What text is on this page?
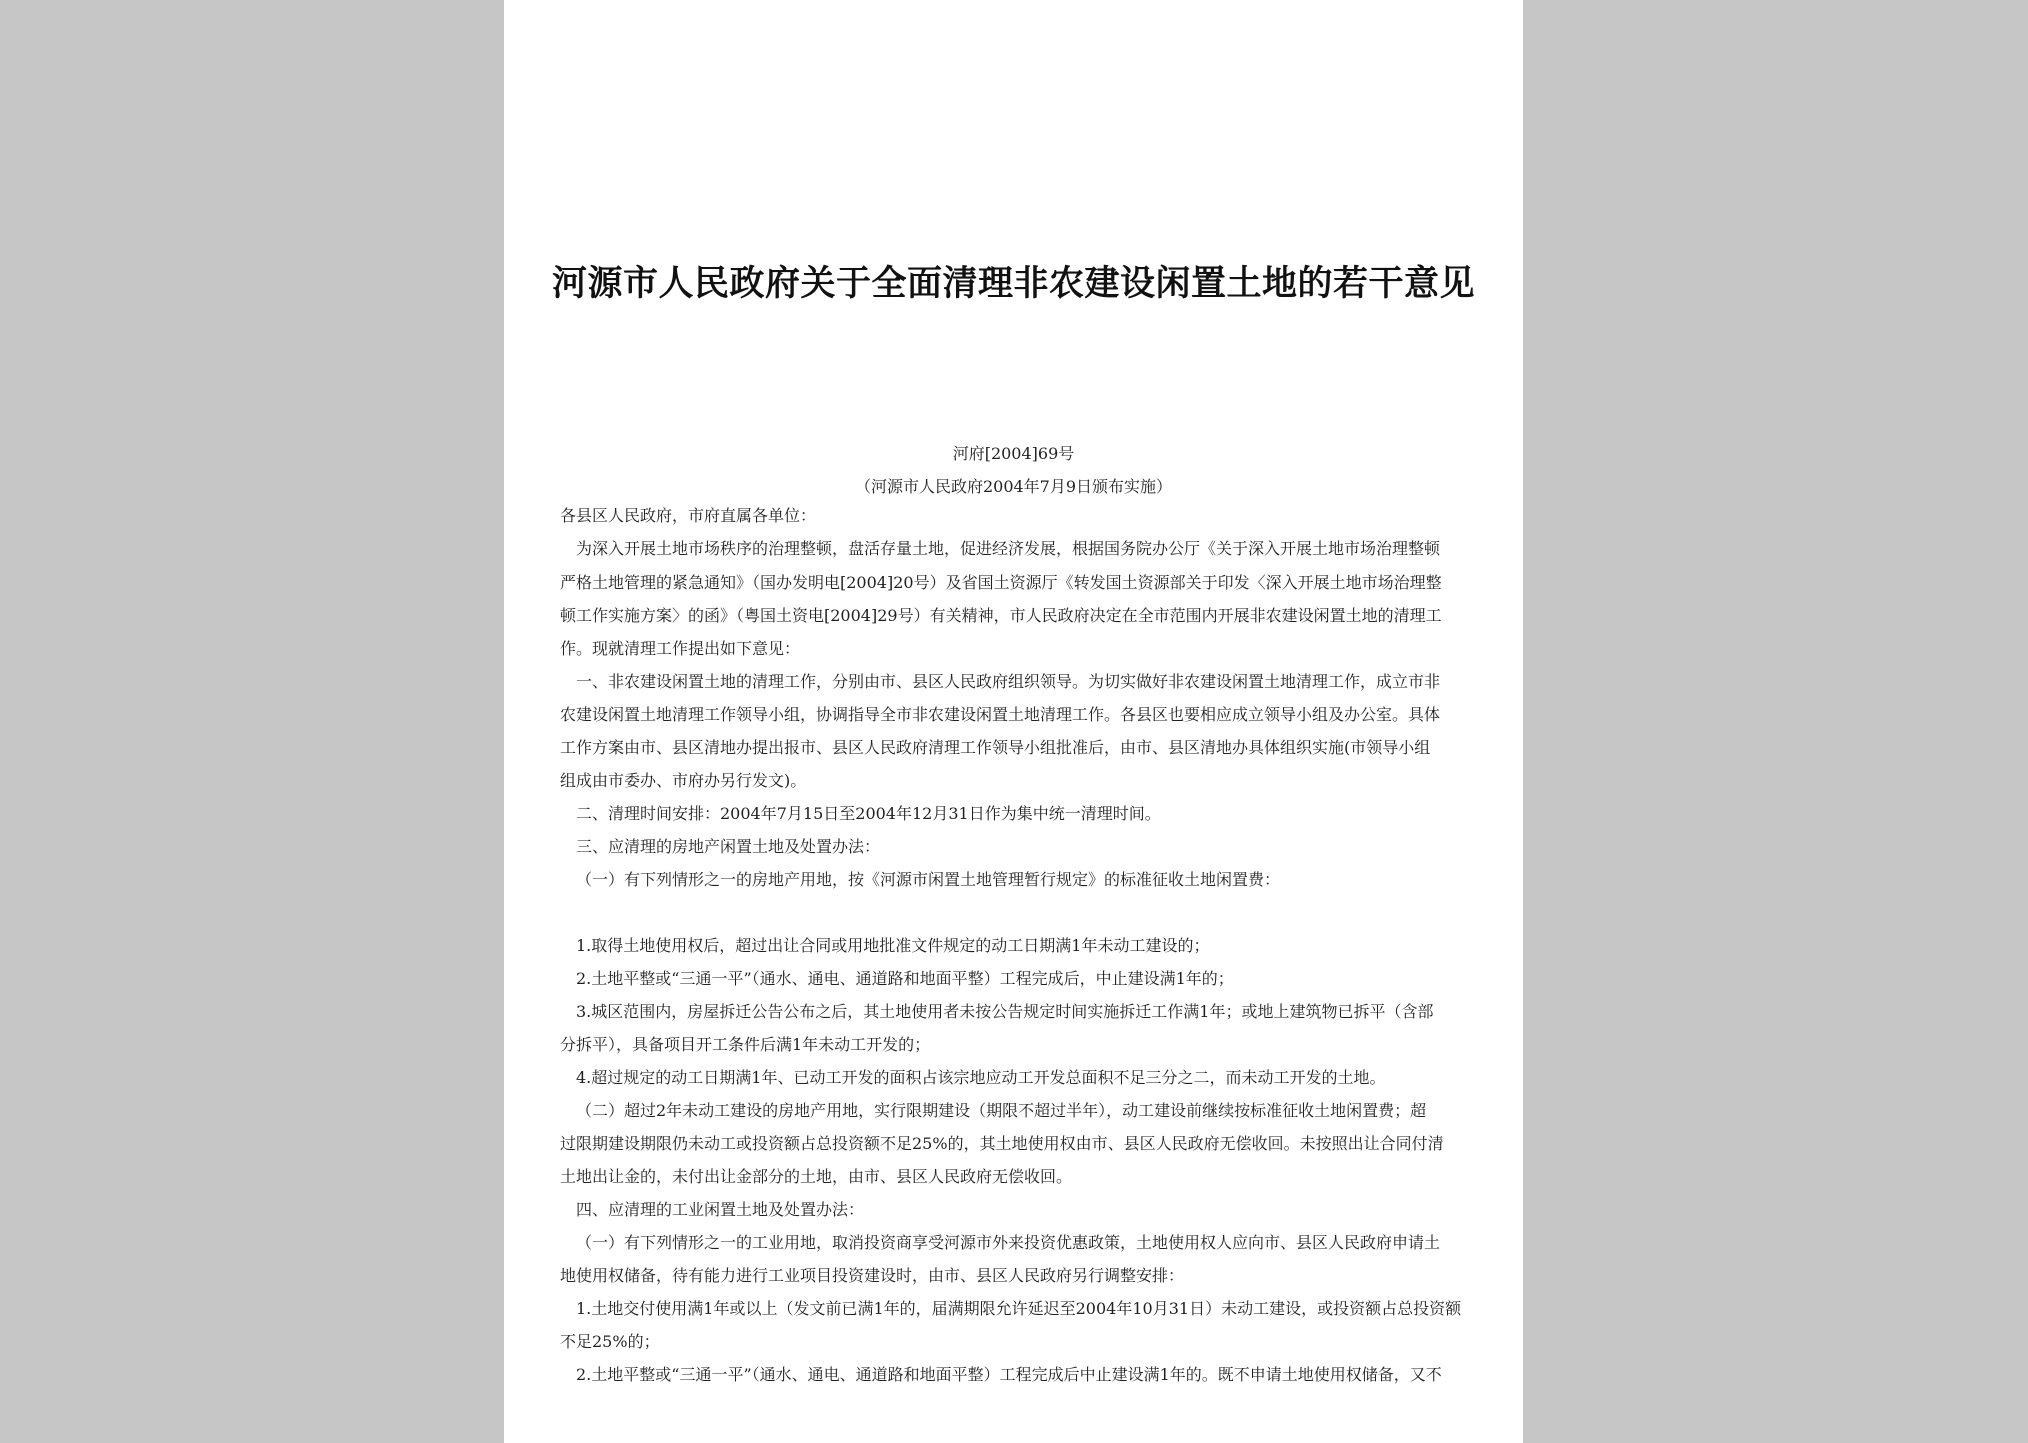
河源市人民政府关于全面清理非农建设闲置土地的若干意见
河府[2004]69号
（河源市人民政府2004年7月9日颁布实施）
各县区人民政府，市府直属各单位：
为深入开展土地市场秩序的治理整顿，盘活存量土地，促进经济发展，根据国务院办公厅《关于深入开展土地市场治理整顿
严格土地管理的紧急通知》（国办发明电[2004]20号）及省国土资源厅《转发国土资源部关于印发〈深入开展土地市场治理整
顿工作实施方案〉的函》（粤国土资电[2004]29号）有关精神，市人民政府决定在全市范围内开展非农建设闲置土地的清理工
作。现就清理工作提出如下意见：
一、非农建设闲置土地的清理工作，分别由市、县区人民政府组织领导。为切实做好非农建设闲置土地清理工作，成立市非
农建设闲置土地清理工作领导小组，协调指导全市非农建设闲置土地清理工作。各县区也要相应成立领导小组及办公室。具体
工作方案由市、县区清地办提出报市、县区人民政府清理工作领导小组批准后，由市、县区清地办具体组织实施(市领导小组
组成由市委办、市府办另行发文)。
二、清理时间安排：2004年7月15日至2004年12月31日作为集中统一清理时间。
三、应清理的房地产闲置土地及处置办法：
（一）有下列情形之一的房地产用地，按《河源市闲置土地管理暂行规定》的标准征收土地闲置费：
1.取得土地使用权后，超过出让合同或用地批准文件规定的动工日期满1年未动工建设的；
2.土地平整或“三通一平”（通水、通电、通道路和地面平整）工程完成后，中止建设满1年的；
3.城区范围内，房屋拆迁公告公布之后，其土地使用者未按公告规定时间实施拆迁工作满1年；或地上建筑物已拆平（含部
分拆平），具备项目开工条件后满1年未动工开发的；
4.超过规定的动工日期满1年、已动工开发的面积占该宗地应动工开发总面积不足三分之二，而未动工开发的土地。
（二）超过2年未动工建设的房地产用地，实行限期建设（期限不超过半年），动工建设前继续按标准征收土地闲置费；超
过限期建设期限仍未动工或投资额占总投资额不足25%的，其土地使用权由市、县区人民政府无偿收回。未按照出让合同付清
土地出让金的，未付出让金部分的土地，由市、县区人民政府无偿收回。
四、应清理的工业闲置土地及处置办法：
（一）有下列情形之一的工业用地，取消投资商享受河源市外来投资优惠政策，土地使用权人应向市、县区人民政府申请土
地使用权储备，待有能力进行工业项目投资建设时，由市、县区人民政府另行调整安排：
1.土地交付使用满1年或以上（发文前已满1年的，届满期限允许延迟至2004年10月31日）未动工建设，或投资额占总投资额
不足25%的；
2.土地平整或“三通一平”（通水、通电、通道路和地面平整）工程完成后中止建设满1年的。既不申请土地使用权储备，又不
